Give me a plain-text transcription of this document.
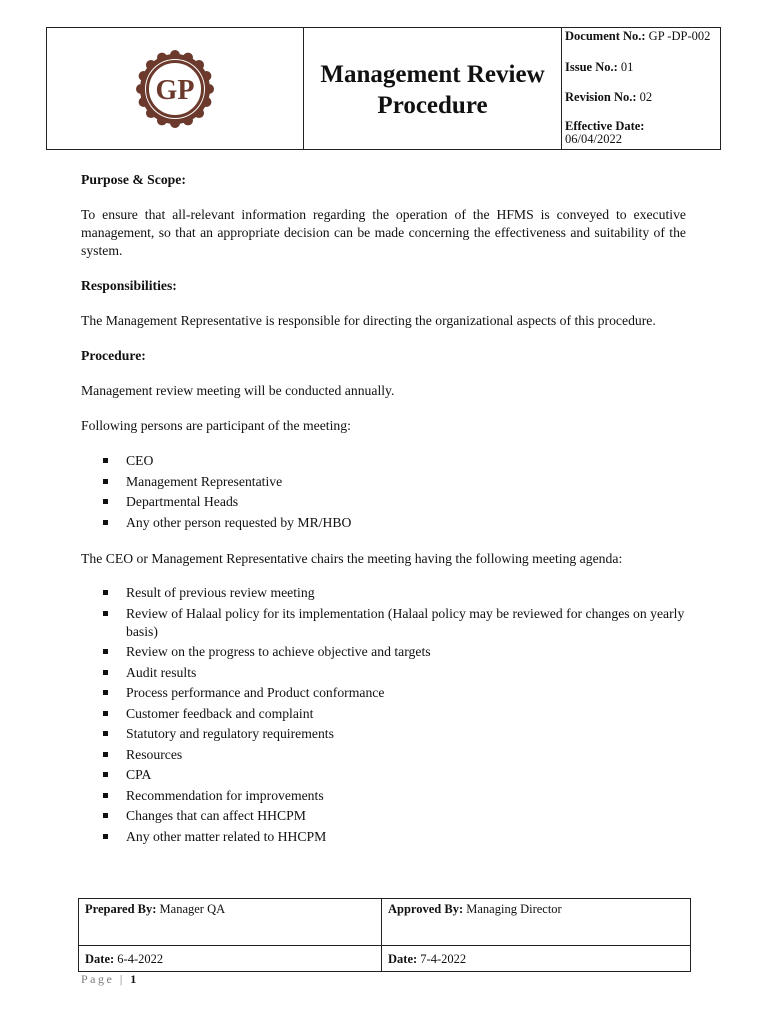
GP
Management Review
Procedure
Document No.: GP -DP-002
Issue No.: 01
Revision No.: 02
Effective Date:
06/04/2022

Purpose & Scope:

To ensure that all-relevant information regarding the operation of the HFMS is conveyed to executive management, so that an appropriate decision can be made concerning the effectiveness and suitability of the system.

Responsibilities:

The Management Representative is responsible for directing the organizational aspects of this procedure.

Procedure:

Management review meeting will be conducted annually.

Following persons are participant of the meeting:

CEO
Management Representative
Departmental Heads
Any other person requested by MR/HBO

The CEO or Management Representative chairs the meeting having the following meeting agenda:

Result of previous review meeting
Review of Halaal policy for its implementation (Halaal policy may be reviewed for changes on yearly basis)
Review on the progress to achieve objective and targets
Audit results
Process performance and Product conformance
Customer feedback and complaint
Statutory and regulatory requirements
Resources
CPA
Recommendation for improvements
Changes that can affect HHCPM
Any other matter related to HHCPM
Prepared By: Manager QA	Approved By: Managing Director
Date: 6-4-2022	Date: 7-4-2022
Page | 1
